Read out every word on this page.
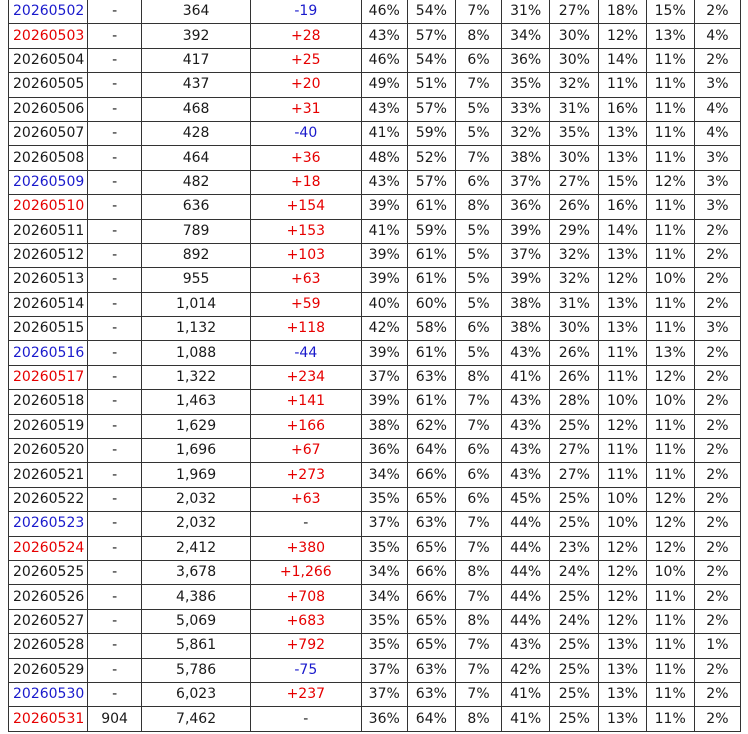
20260502	-	364	-19	46%	54%	7%	31%	27%	18%	15%	2%
20260503	-	392	+28	43%	57%	8%	34%	30%	12%	13%	4%
20260504	-	417	+25	46%	54%	6%	36%	30%	14%	11%	2%
20260505	-	437	+20	49%	51%	7%	35%	32%	11%	11%	3%
20260506	-	468	+31	43%	57%	5%	33%	31%	16%	11%	4%
20260507	-	428	-40	41%	59%	5%	32%	35%	13%	11%	4%
20260508	-	464	+36	48%	52%	7%	38%	30%	13%	11%	3%
20260509	-	482	+18	43%	57%	6%	37%	27%	15%	12%	3%
20260510	-	636	+154	39%	61%	8%	36%	26%	16%	11%	3%
20260511	-	789	+153	41%	59%	5%	39%	29%	14%	11%	2%
20260512	-	892	+103	39%	61%	5%	37%	32%	13%	11%	2%
20260513	-	955	+63	39%	61%	5%	39%	32%	12%	10%	2%
20260514	-	1,014	+59	40%	60%	5%	38%	31%	13%	11%	2%
20260515	-	1,132	+118	42%	58%	6%	38%	30%	13%	11%	3%
20260516	-	1,088	-44	39%	61%	5%	43%	26%	11%	13%	2%
20260517	-	1,322	+234	37%	63%	8%	41%	26%	11%	12%	2%
20260518	-	1,463	+141	39%	61%	7%	43%	28%	10%	10%	2%
20260519	-	1,629	+166	38%	62%	7%	43%	25%	12%	11%	2%
20260520	-	1,696	+67	36%	64%	6%	43%	27%	11%	11%	2%
20260521	-	1,969	+273	34%	66%	6%	43%	27%	11%	11%	2%
20260522	-	2,032	+63	35%	65%	6%	45%	25%	10%	12%	2%
20260523	-	2,032	-	37%	63%	7%	44%	25%	10%	12%	2%
20260524	-	2,412	+380	35%	65%	7%	44%	23%	12%	12%	2%
20260525	-	3,678	+1,266	34%	66%	8%	44%	24%	12%	10%	2%
20260526	-	4,386	+708	34%	66%	7%	44%	25%	12%	11%	2%
20260527	-	5,069	+683	35%	65%	8%	44%	24%	12%	11%	2%
20260528	-	5,861	+792	35%	65%	7%	43%	25%	13%	11%	1%
20260529	-	5,786	-75	37%	63%	7%	42%	25%	13%	11%	2%
20260530	-	6,023	+237	37%	63%	7%	41%	25%	13%	11%	2%
20260531	904	7,462	-	36%	64%	8%	41%	25%	13%	11%	2%
